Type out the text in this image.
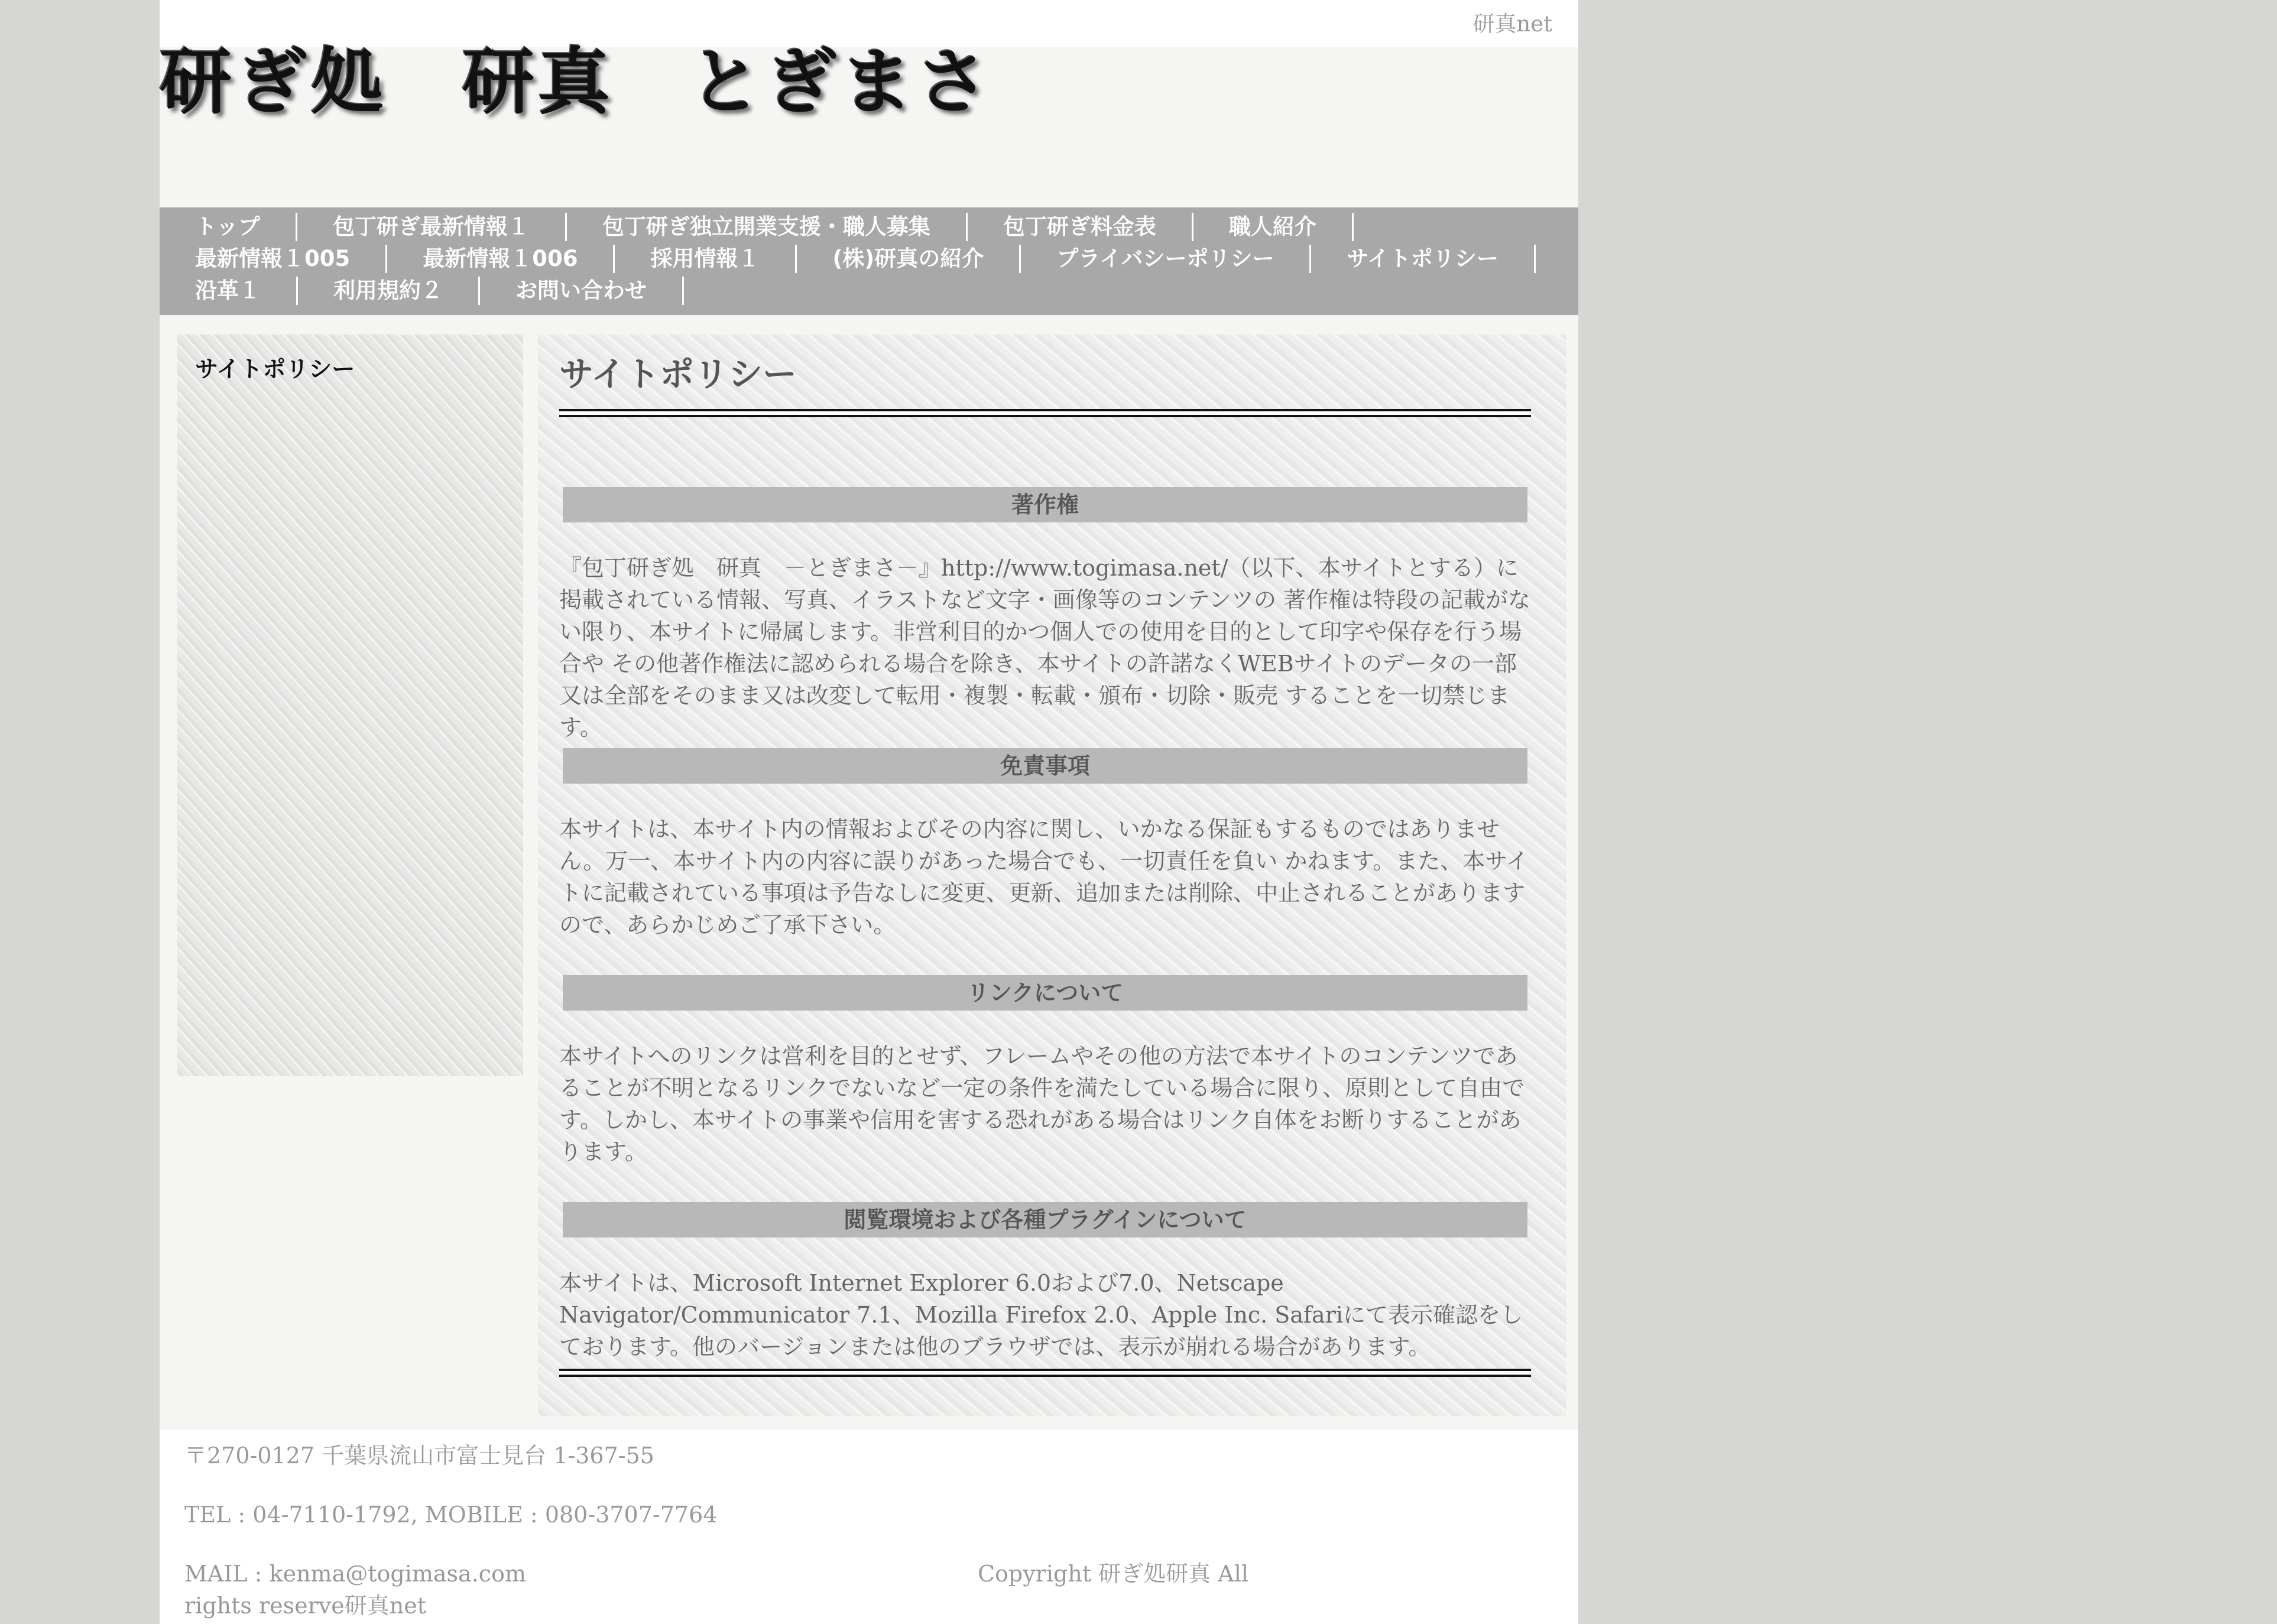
研真net
研ぎ処　研真　とぎまさ
トップ	包丁研ぎ最新情報１	包丁研ぎ独立開業支援・職人募集	包丁研ぎ料金表	職人紹介
最新情報１005	最新情報１006	採用情報１	(株)研真の紹介	プライバシーポリシー	サイトポリシー
沿革１	利用規約２	お問い合わせ
サイトポリシー	サイトポリシー
著作権

『包丁研ぎ処　研真　－とぎまさ－』http://www.togimasa.net/（以下、本サイトとする）に掲載されている情報、写真、イラストなど文字・画像等のコンテンツの 著作権は特段の記載がない限り、本サイトに帰属します。非営利目的かつ個人での使用を目的として印字や保存を行う場合や その他著作権法に認められる場合を除き、本サイトの許諾なくWEBサイトのデータの一部又は全部をそのまま又は改変して転用・複製・転載・頒布・切除・販売 することを一切禁じます。

免責事項

本サイトは、本サイト内の情報およびその内容に関し、いかなる保証もするものではありません。万一、本サイト内の内容に誤りがあった場合でも、一切責任を負い かねます。また、本サイトに記載されている事項は予告なしに変更、更新、追加または削除、中止されることがありますので、あらかじめご了承下さい。

リンクについて

本サイトへのリンクは営利を目的とせず、フレームやその他の方法で本サイトのコンテンツであることが不明となるリンクでないなど一定の条件を満たしている場合に限り、原則として自由です。しかし、本サイトの事業や信用を害する恐れがある場合はリンク自体をお断りすることがあります。

閲覧環境および各種プラグインについて

本サイトは、Microsoft Internet Explorer 6.0および7.0、Netscape Navigator/Communicator 7.1、Mozilla Firefox 2.0、Apple Inc. Safariにて表示確認をしております。他のバージョンまたは他のブラウザでは、表示が崩れる場合があります。

〒270-0127 千葉県流山市富士見台 1-367-55
TEL : 04-7110-1792, MOBILE : 080-3707-7764
MAIL : kenma@togimasa.com	Copyright 研ぎ処研真 All
rights reserve研真net
